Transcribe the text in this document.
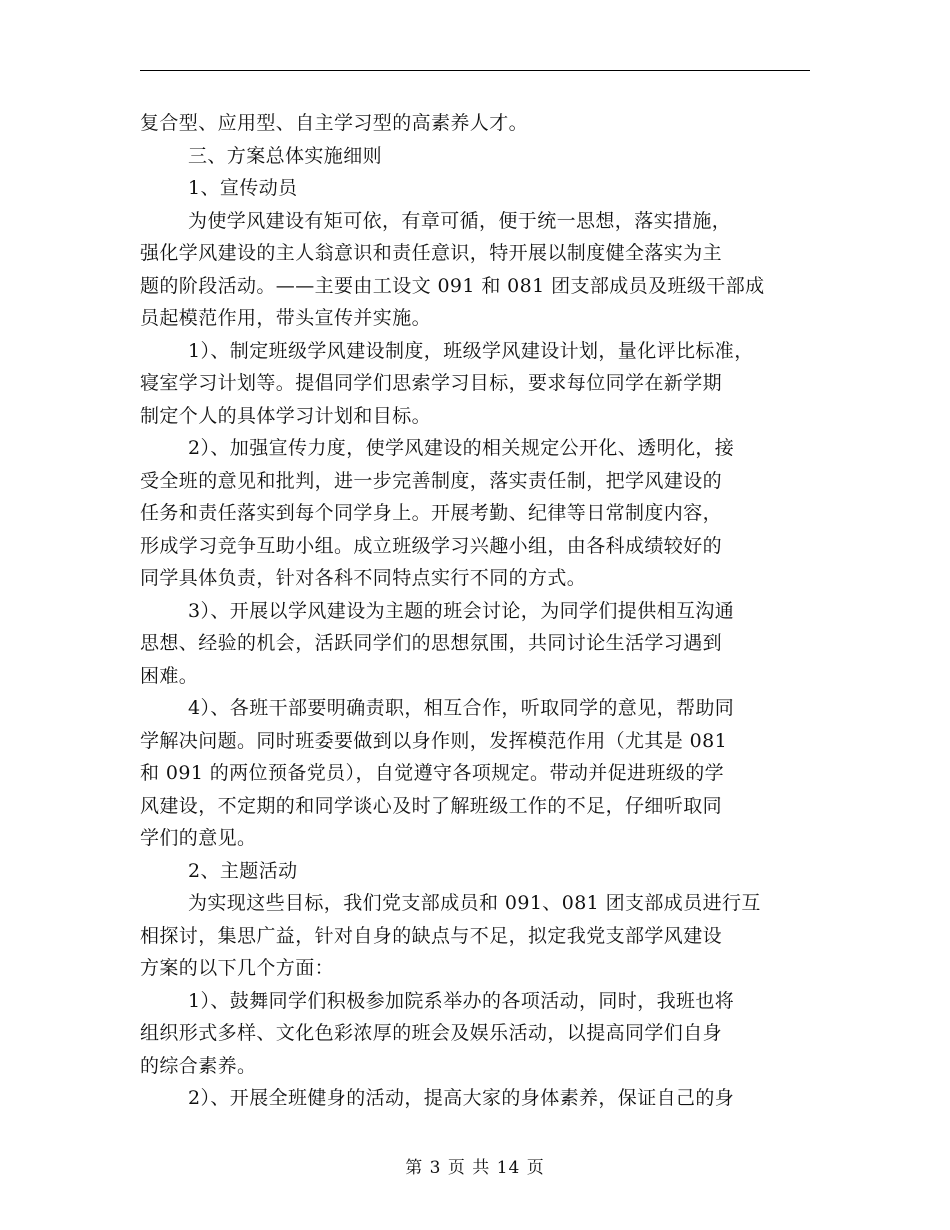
复合型、应用型、自主学习型的高素养人才。
三、方案总体实施细则
1、宣传动员
为使学风建设有矩可依，有章可循，便于统一思想，落实措施，
强化学风建设的主人翁意识和责任意识，特开展以制度健全落实为主
题的阶段活动。——主要由工设文 091 和 081 团支部成员及班级干部成
员起模范作用，带头宣传并实施。
1）、制定班级学风建设制度，班级学风建设计划，量化评比标准，
寝室学习计划等。提倡同学们思索学习目标，要求每位同学在新学期
制定个人的具体学习计划和目标。
2）、加强宣传力度，使学风建设的相关规定公开化、透明化，接
受全班的意见和批判，进一步完善制度，落实责任制，把学风建设的
任务和责任落实到每个同学身上。开展考勤、纪律等日常制度内容，
形成学习竞争互助小组。成立班级学习兴趣小组，由各科成绩较好的
同学具体负责，针对各科不同特点实行不同的方式。
3）、开展以学风建设为主题的班会讨论，为同学们提供相互沟通
思想、经验的机会，活跃同学们的思想氛围，共同讨论生活学习遇到
困难。
4）、各班干部要明确责职，相互合作，听取同学的意见，帮助同
学解决问题。同时班委要做到以身作则，发挥模范作用（尤其是 081
和 091 的两位预备党员），自觉遵守各项规定。带动并促进班级的学
风建设，不定期的和同学谈心及时了解班级工作的不足，仔细听取同
学们的意见。
2、主题活动
为实现这些目标，我们党支部成员和 091、081 团支部成员进行互
相探讨，集思广益，针对自身的缺点与不足，拟定我党支部学风建设
方案的以下几个方面：
1）、鼓舞同学们积极参加院系举办的各项活动，同时，我班也将
组织形式多样、文化色彩浓厚的班会及娱乐活动，以提高同学们自身
的综合素养。
2）、开展全班健身的活动，提高大家的身体素养，保证自己的身
第 3 页 共 14 页
